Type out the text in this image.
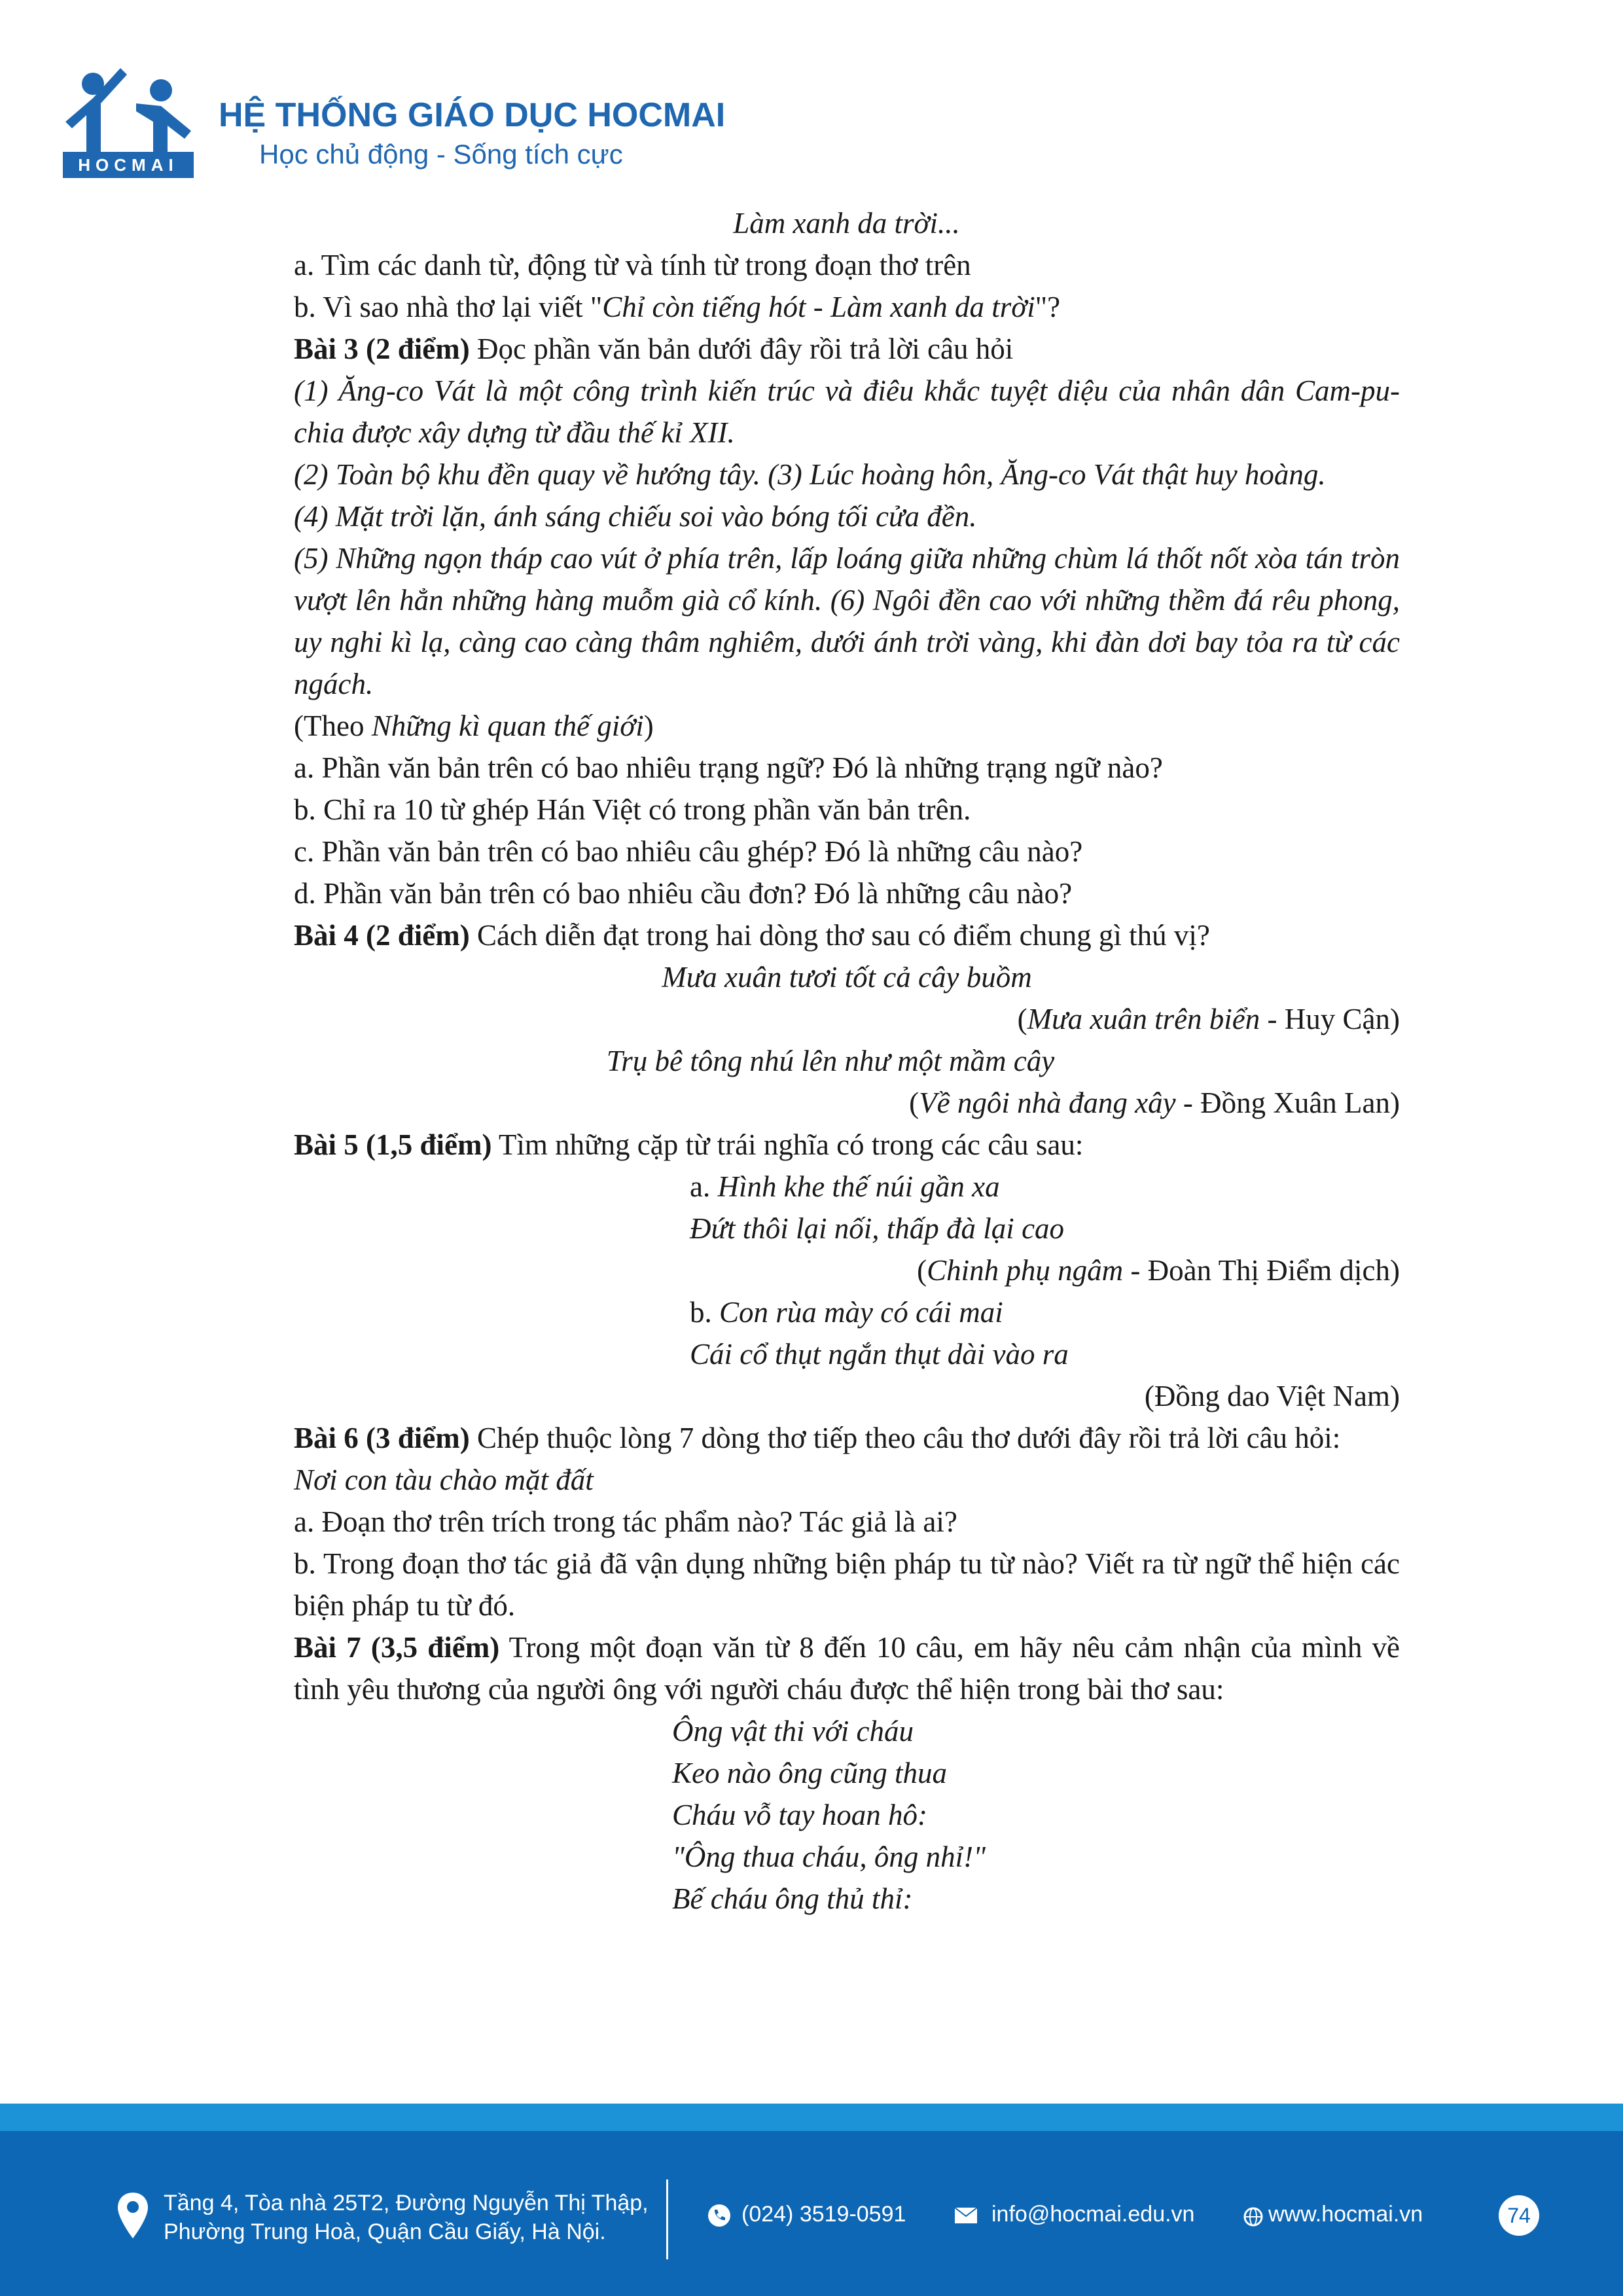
HOCMAI
HỆ THỐNG GIÁO DỤC HOCMAI
Học chủ động - Sống tích cực
Làm xanh da trời...
a. Tìm các danh từ, động từ và tính từ trong đoạn thơ trên
b. Vì sao nhà thơ lại viết "Chỉ còn tiếng hót - Làm xanh da trời"?
Bài 3 (2 điểm) Đọc phần văn bản dưới đây rồi trả lời câu hỏi
(1) Ăng-co Vát là một công trình kiến trúc và điêu khắc tuyệt diệu của nhân dân Cam-pu-chia được xây dựng từ đầu thế kỉ XII.
(2) Toàn bộ khu đền quay về hướng tây. (3) Lúc hoàng hôn, Ăng-co Vát thật huy hoàng.
(4) Mặt trời lặn, ánh sáng chiếu soi vào bóng tối cửa đền.
(5) Những ngọn tháp cao vút ở phía trên, lấp loáng giữa những chùm lá thốt nốt xòa tán tròn vượt lên hẳn những hàng muỗm già cổ kính. (6) Ngôi đền cao với những thềm đá rêu phong, uy nghi kì lạ, càng cao càng thâm nghiêm, dưới ánh trời vàng, khi đàn dơi bay tỏa ra từ các ngách.
(Theo Những kì quan thế giới)
a. Phần văn bản trên có bao nhiêu trạng ngữ? Đó là những trạng ngữ nào?
b. Chỉ ra 10 từ ghép Hán Việt có trong phần văn bản trên.
c. Phần văn bản trên có bao nhiêu câu ghép? Đó là những câu nào?
d. Phần văn bản trên có bao nhiêu cầu đơn? Đó là những câu nào?
Bài 4 (2 điểm) Cách diễn đạt trong hai dòng thơ sau có điểm chung gì thú vị?
Mưa xuân tươi tốt cả cây buồm
(Mưa xuân trên biển - Huy Cận)
Trụ bê tông nhú lên như một mầm cây
(Về ngôi nhà đang xây - Đồng Xuân Lan)
Bài 5 (1,5 điểm) Tìm những cặp từ trái nghĩa có trong các câu sau:
a. Hình khe thế núi gần xa
Đứt thôi lại nối, thấp đà lại cao
(Chinh phụ ngâm - Đoàn Thị Điểm dịch)
b. Con rùa mày có cái mai
Cái cổ thụt ngắn thụt dài vào ra
(Đồng dao Việt Nam)
Bài 6 (3 điểm) Chép thuộc lòng 7 dòng thơ tiếp theo câu thơ dưới đây rồi trả lời câu hỏi:
Nơi con tàu chào mặt đất
a. Đoạn thơ trên trích trong tác phẩm nào? Tác giả là ai?
b. Trong đoạn thơ tác giả đã vận dụng những biện pháp tu từ nào? Viết ra từ ngữ thể hiện các biện pháp tu từ đó.
Bài 7 (3,5 điểm) Trong một đoạn văn từ 8 đến 10 câu, em hãy nêu cảm nhận của mình về tình yêu thương của người ông với người cháu được thể hiện trong bài thơ sau:
Ông vật thi với cháu
Keo nào ông cũng thua
Cháu vỗ tay hoan hô:
"Ông thua cháu, ông nhỉ!"
Bế cháu ông thủ thỉ:
Tầng 4, Tòa nhà 25T2, Đường Nguyễn Thị Thập,
Phường Trung Hoà, Quận Cầu Giấy, Hà Nội.
(024) 3519-0591	info@hocmai.edu.vn	www.hocmai.vn	74
